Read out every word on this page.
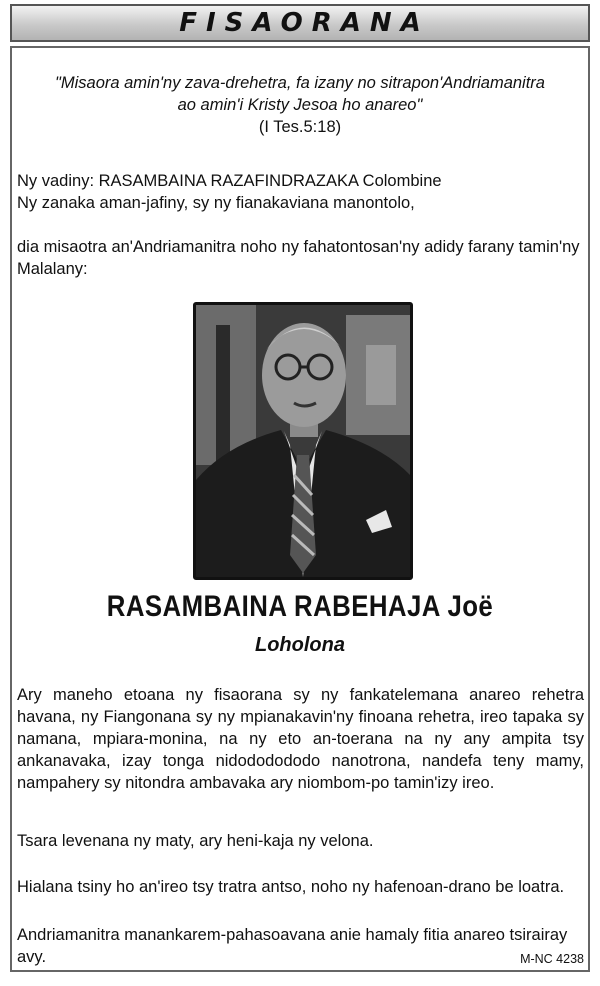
FISAORANA
"Misaora amin'ny zava-drehetra, fa izany no sitrapon'Andriamanitra
ao amin'i Kristy Jesoa ho anareo"
(I Tes.5:18)
Ny vadiny: RASAMBAINA RAZAFINDRAZAKA Colombine
Ny zanaka aman-jafiny, sy ny fianakaviana manontolo,
dia misaotra an'Andriamanitra noho ny fahatontosan'ny adidy farany tamin'ny Malalany:
RASAMBAINA RABEHAJA Joë
Loholona
Ary maneho etoana ny fisaorana sy ny fankatelemana anareo rehetra havana, ny Fiangonana sy ny mpianakavin'ny finoana rehetra, ireo tapaka sy namana, mpiara-monina, na ny eto an-toerana na ny any ampita tsy ankanavaka, izay tonga nidododododo nanotrona, nandefa teny mamy, nampahery sy nitondra ambavaka ary niombom-po tamin'izy ireo.
Tsara levenana ny maty, ary heni-kaja ny velona.
Hialana tsiny ho an'ireo tsy tratra antso, noho ny hafenoan-drano be loatra.
Andriamanitra manankarem-pahasoavana anie hamaly fitia anareo tsirairay avy.	M-NC 4238
